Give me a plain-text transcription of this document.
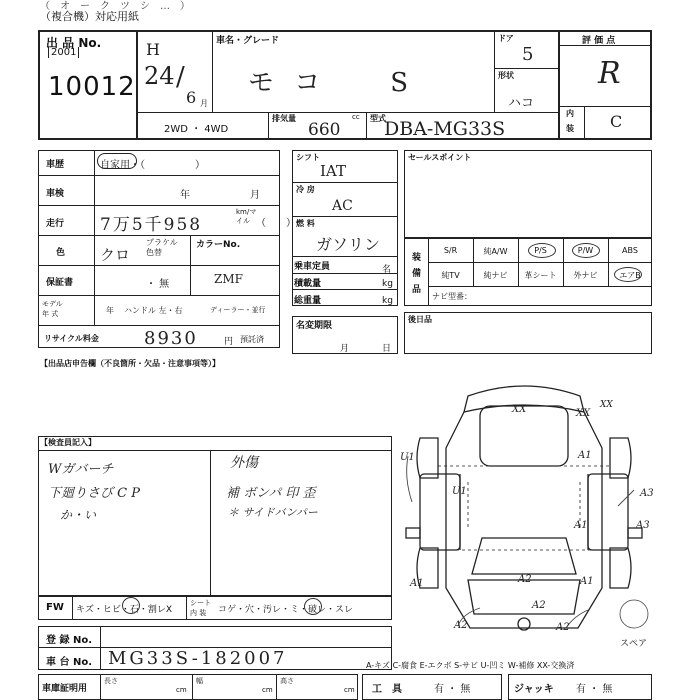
（　オ　ー　ク　ツ　シ　…　）
（複合機）対応用紙
出 品 No.
2001
10012
H
24 /
6 月
車名・グレード
モ コ　　S
ドア
5
形状
ハコ
評 価 点
R
内
装 C
2WD ・ 4WD
排気量	cc
660
型式
DBA-MG33S
車歴	自家用・（　　　　　）
車検	年	月
走行 7万5千958
km/マイル （　　）
色 クロ
プラケル 色替
カラーNo.
ZMF
保証書	・ 無
モデル
年 式	年 ハンドル 左・右	ディーラー・並行
リサイクル料金	8930	円 預託済
シフト
IAT
冷 房
AC
燃 料
ガソリン
乗車定員	名
積載量	kg
総重量	kg
名変期限
月	日
セールスポイント
装
備
品
S/R	純A/W	P/S	P/W	ABS
純TV	純ナビ	革シート	外ナビ	エアB
ナビ型番：
後日品
【出品店申告欄（不良箇所・欠品・注意事項等）】
【検査員記入】
Wガバーチ
下廻りさび C P
か・い
外傷
補 ボンパ 印 歪
＊ サイドバンパー
XX	XX
U1	A1
U1
A1
A1	A2
A2
A2
A1
A3
A3
A2
XX
スペア
FW キズ・ヒビ・石・割レX
シート
内 装 コゲ・穴・汚レ・ミ・破レ・スレ
登 録 No.
車 台 No. MG33S-182007	A-キズ C-腐食 E-エクボ S-サビ U-凹ミ W-補修 XX-交換済
車庫証明用
長さ
cm
幅
cm
高さ
cm 工　具	有 ・ 無	ジャッキ 有 ・ 無
